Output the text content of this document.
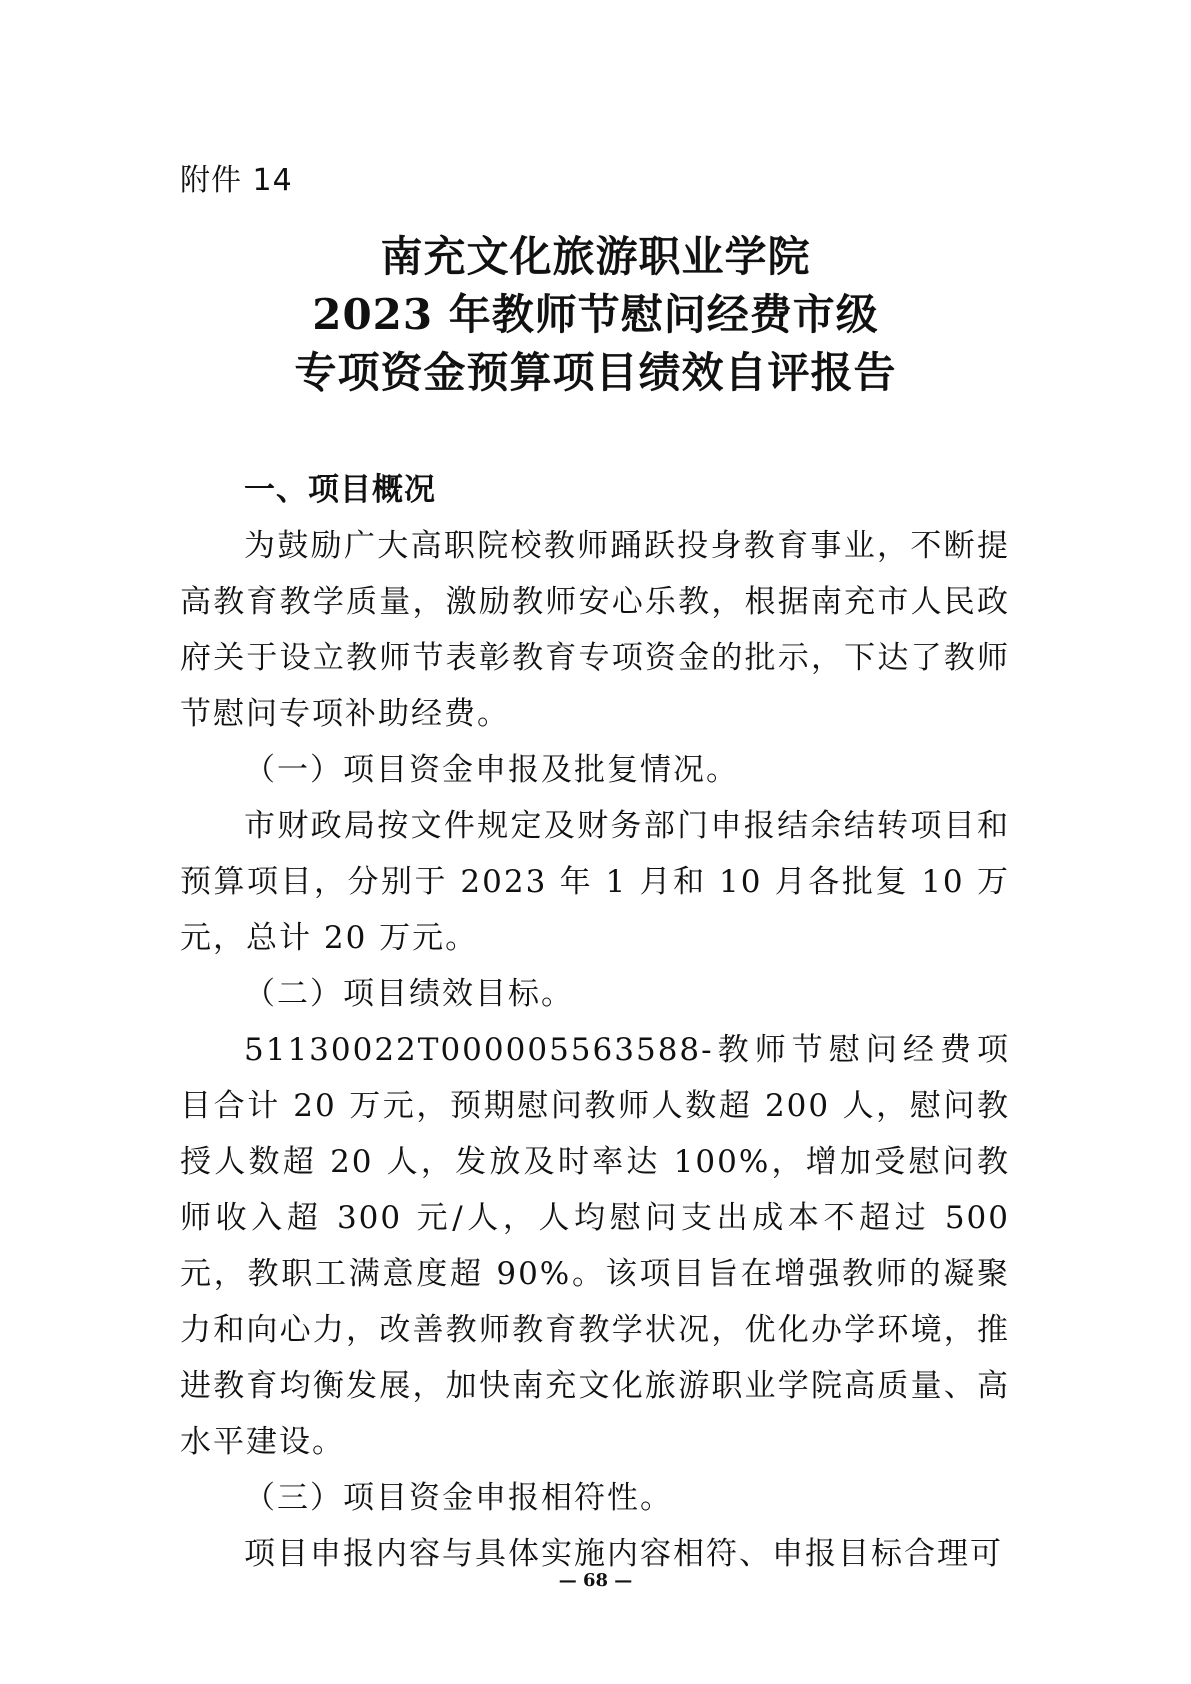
附件 14
南充文化旅游职业学院
2023 年教师节慰问经费市级
专项资金预算项目绩效自评报告

一、项目概况

为鼓励广大高职院校教师踊跃投身教育事业，不断提高教育教学质量，激励教师安心乐教，根据南充市人民政府关于设立教师节表彰教育专项资金的批示，下达了教师节慰问专项补助经费。

（一）项目资金申报及批复情况。

市财政局按文件规定及财务部门申报结余结转项目和预算项目，分别于 2023 年 1 月和 10 月各批复 10 万元，总计 20 万元。

（二）项目绩效目标。

51130022T000005563588-教师节慰问经费项目合计 20 万元，预期慰问教师人数超 200 人，慰问教授人数超 20 人，发放及时率达 100%，增加受慰问教师收入超 300 元/人，人均慰问支出成本不超过 500 元，教职工满意度超 90%。该项目旨在增强教师的凝聚力和向心力，改善教师教育教学状况，优化办学环境，推进教育均衡发展，加快南充文化旅游职业学院高质量、高水平建设。

（三）项目资金申报相符性。

项目申报内容与具体实施内容相符、申报目标合理可

— 68 —
